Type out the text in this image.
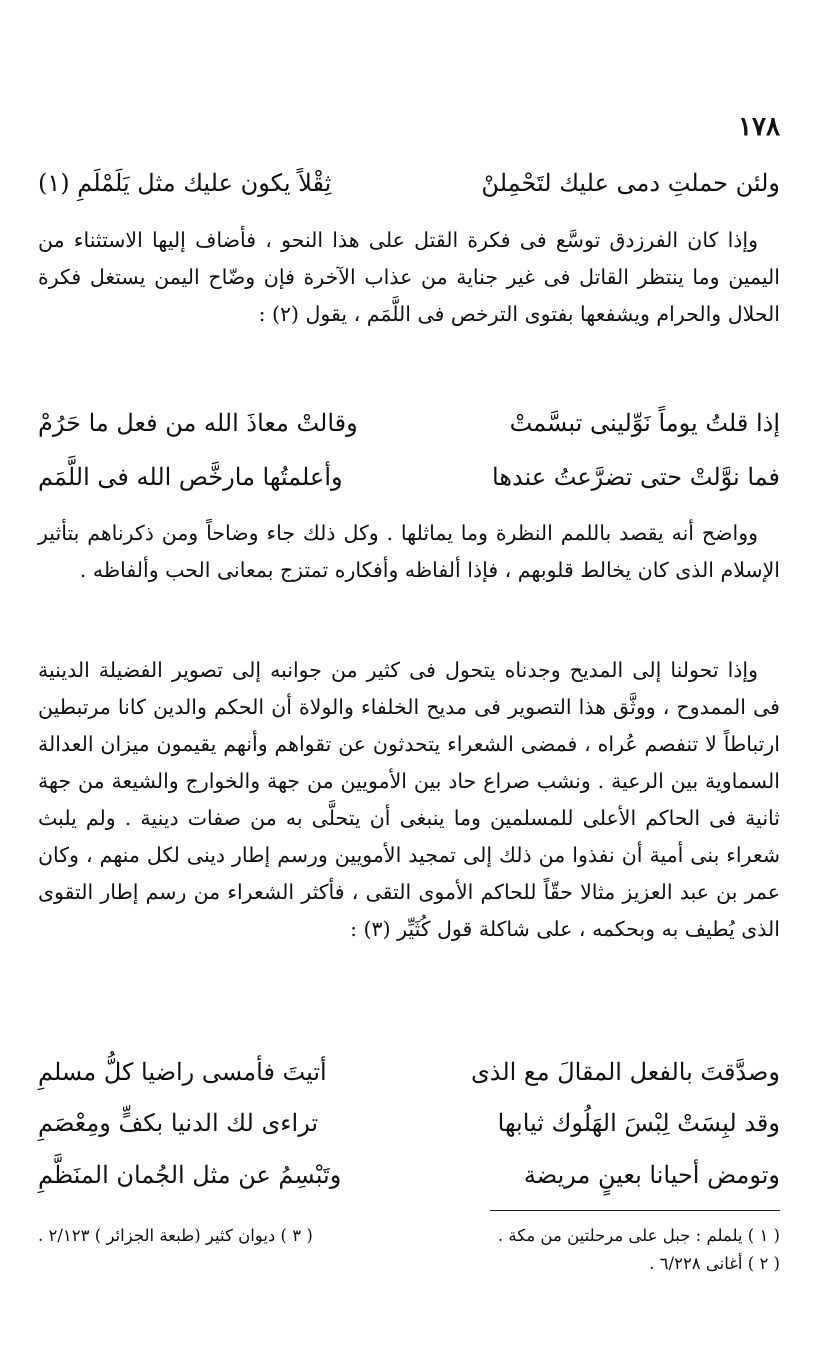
١٧٨
ولئن حملتِ دمى عليك لتَحْمِلنْ
ثِقْلاً يكون عليك مثل يَلَمْلَمِ (١)

وإذا كان الفرزدق توسَّع فى فكرة القتل على هذا النحو ، فأضاف إليها الاستثناء من اليمين وما ينتظر القاتل فى غير جناية من عذاب الآخرة فإن وضّاح اليمن يستغل فكرة الحلال والحرام ويشفعها بفتوى الترخص فى اللَّمَم ، يقول (٢) :

إذا قلتُ يوماً نَوِّلينى تبسَّمتْ
وقالتْ معاذَ الله من فعل ما حَرُمْ
فما نوَّلتْ حتى تضرَّعتُ عندها
وأعلمتُها مارخَّص الله فى اللَّمَم

وواضح أنه يقصد باللمم النظرة وما يماثلها . وكل ذلك جاء وضاحاً ومن ذكرناهم بتأثير الإسلام الذى كان يخالط قلوبهم ، فإذا ألفاظه وأفكاره تمتزج بمعانى الحب وألفاظه .

وإذا تحولنا إلى المديح وجدناه يتحول فى كثير من جوانبه إلى تصوير الفضيلة الدينية فى الممدوح ، ووثَّق هذا التصوير فى مديح الخلفاء والولاة أن الحكم والدين كانا مرتبطين ارتباطاً لا تنفصم عُراه ، فمضى الشعراء يتحدثون عن تقواهم وأنهم يقيمون ميزان العدالة السماوية بين الرعية . ونشب صراع حاد بين الأمويين من جهة والخوارج والشيعة من جهة ثانية فى الحاكم الأعلى للمسلمين وما ينبغى أن يتحلَّى به من صفات دينية . ولم يلبث شعراء بنى أمية أن نفذوا من ذلك إلى تمجيد الأمويين ورسم إطار دينى لكل منهم ، وكان عمر بن عبد العزيز مثالا حقّاً للحاكم الأموى التقى ، فأكثر الشعراء من رسم إطار التقوى الذى يُطيف به وبحكمه ، على شاكلة قول كُثَيِّر (٣) :

وصدَّقتَ بالفعل المقالَ مع الذى
أتيتَ فأمسى راضيا كلُّ مسلمِ
وقد لبِسَتْ لِبْسَ الهَلُوك ثيابها
تراءى لك الدنيا بكفٍّ ومِعْصَمِ
وتومض أحيانا بعينٍ مريضة
وتَبْسِمُ عن مثل الجُمان المنَظَّمِ
( ١ ) يلملم : جبل على مرحلتين من مكة .
( ٢ ) أغانى ٦/٢٢٨ .
( ٣ ) ديوان كثير (طبعة الجزائر ) ٢/١٢٣ .
